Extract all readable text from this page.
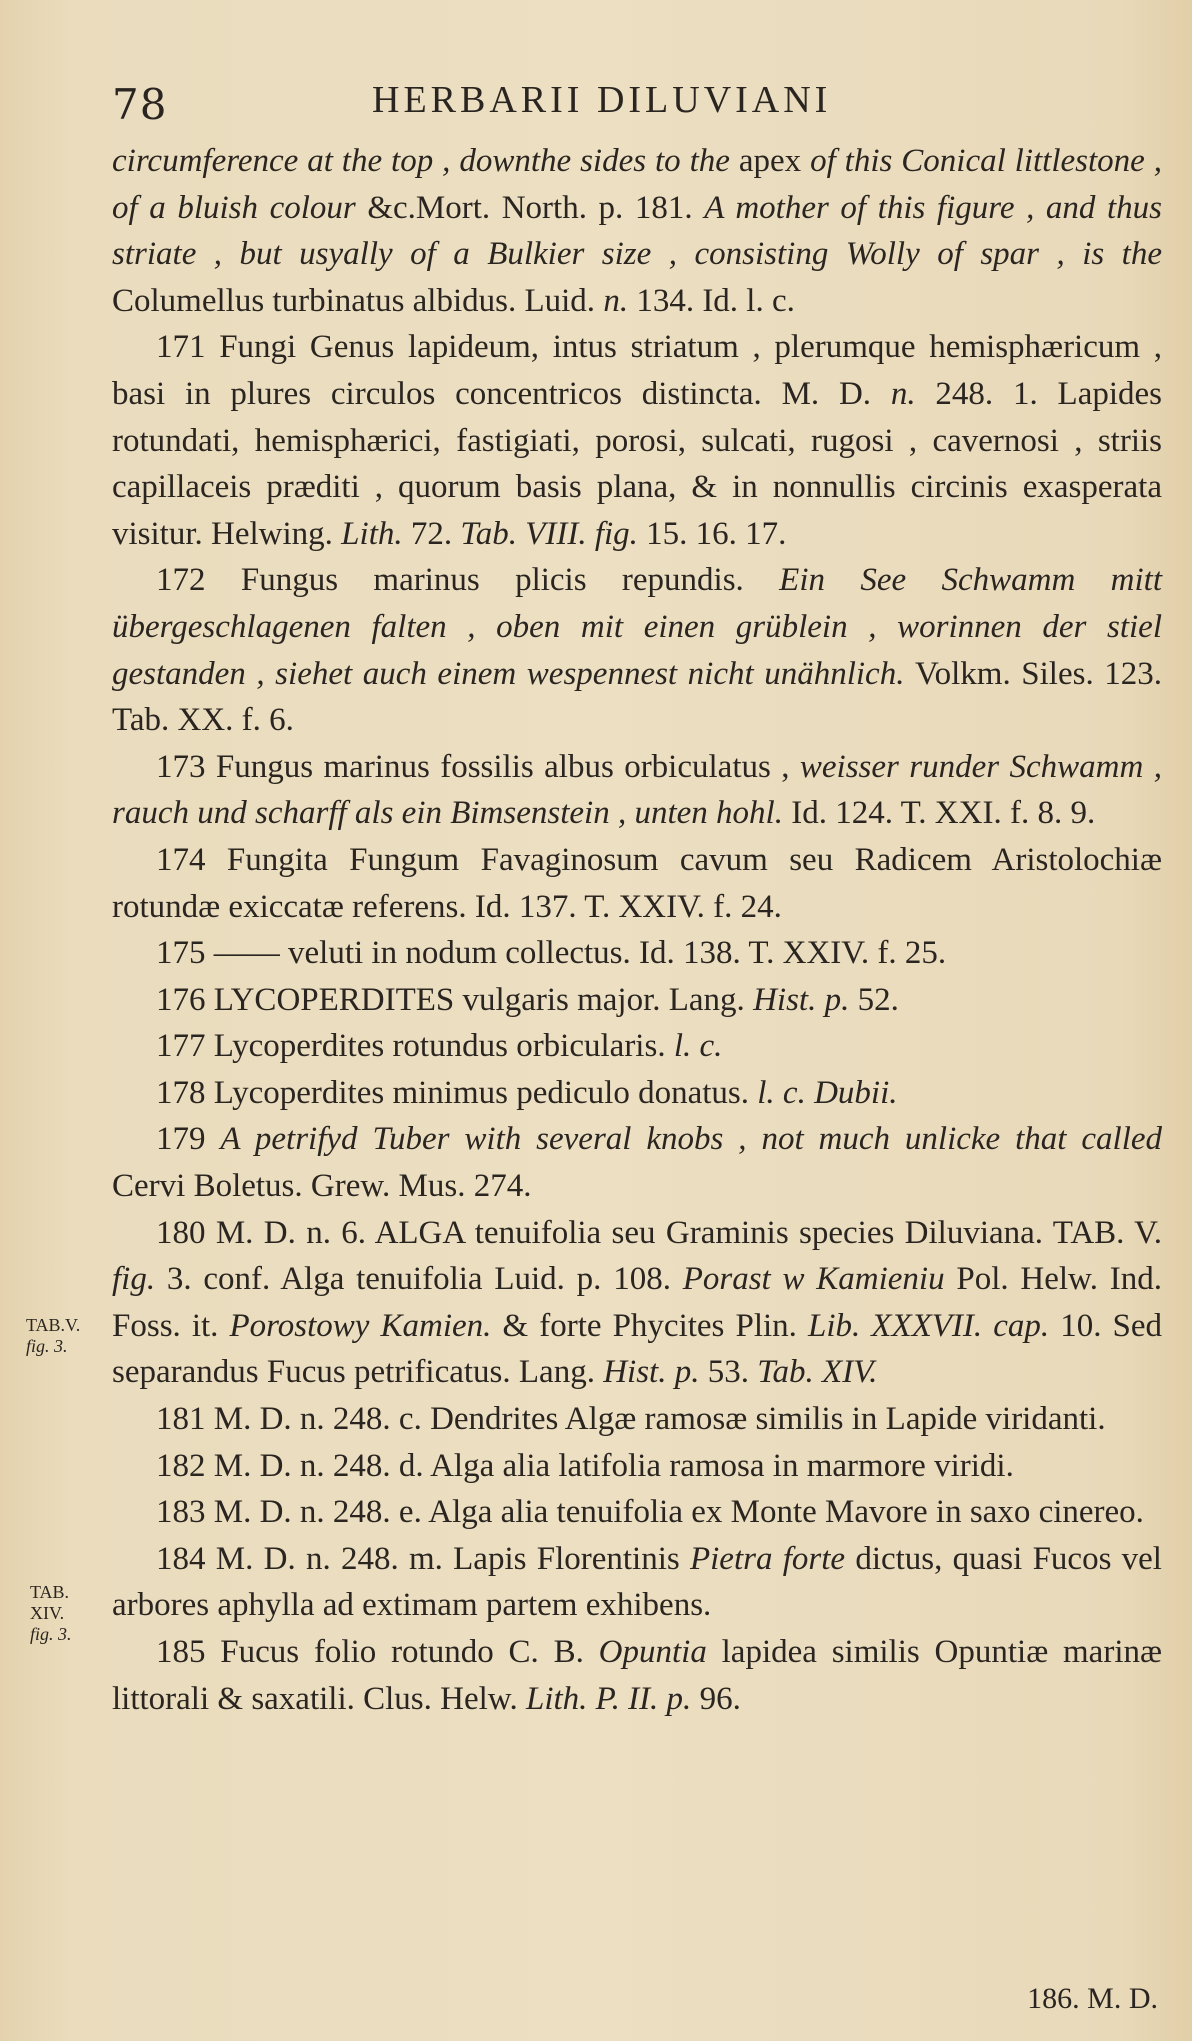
78	HERBARII DILUVIANI

circumference at the top , downthe sides to the apex of this Conical littlestone , of a bluish colour &c.Mort. North. p. 181. A mother of this figure , and thus striate , but usyally of a Bulkier size , consisting Wolly of spar , is the Columellus turbinatus albidus. Luid. n. 134. Id. l. c.

171 Fungi Genus lapideum, intus striatum , plerumque hemisphæricum , basi in plures circulos concentricos distincta. M. D. n. 248. 1. Lapides rotundati, hemisphærici, fastigiati, porosi, sulcati, rugosi , cavernosi , striis capillaceis præditi , quorum basis plana, & in nonnullis circinis exasperata visitur. Helwing. Lith. 72. Tab. VIII. fig. 15. 16. 17.

172 Fungus marinus plicis repundis. Ein See Schwamm mitt übergeschlagenen falten , oben mit einen grüblein , worinnen der stiel gestanden , siehet auch einem wespennest nicht unähnlich. Volkm. Siles. 123. Tab. XX. f. 6.

173 Fungus marinus fossilis albus orbiculatus , weisser runder Schwamm , rauch und scharff als ein Bimsenstein , unten hohl. Id. 124. T. XXI. f. 8. 9.

174 Fungita Fungum Favaginosum cavum seu Radicem Aristolochiæ rotundæ exiccatæ referens. Id. 137. T. XXIV. f. 24.

175 —— veluti in nodum collectus. Id. 138. T. XXIV. f. 25.

176 LYCOPERDITES vulgaris major. Lang. Hist. p. 52.

177 Lycoperdites rotundus orbicularis. l. c.

178 Lycoperdites minimus pediculo donatus. l. c. Dubii.

179 A petrifyd Tuber with several knobs , not much unlicke that called Cervi Boletus. Grew. Mus. 274.

180 M. D. n. 6. ALGA tenuifolia seu Graminis species Diluviana. TAB. V. fig. 3. conf. Alga tenuifolia Luid. p. 108. Porast w Kamieniu Pol. Helw. Ind. Foss. it. Porostowy Kamien. & forte Phycites Plin. Lib. XXXVII. cap. 10. Sed separandus Fucus petrificatus. Lang. Hist. p. 53. Tab. XIV.

181 M. D. n. 248. c. Dendrites Algæ ramosæ similis in Lapide viridanti.

182 M. D. n. 248. d. Alga alia latifolia ramosa in marmore viridi.

183 M. D. n. 248. e. Alga alia tenuifolia ex Monte Mavore in saxo cinereo.

184 M. D. n. 248. m. Lapis Florentinis Pietra forte dictus, quasi Fucos vel arbores aphylla ad extimam partem exhibens.

185 Fucus folio rotundo C. B. Opuntia lapidea similis Opuntiæ marinæ littorali & saxatili. Clus. Helw. Lith. P. II. p. 96.

TAB.V.
fig. 3.
TAB.
XIV.
fig. 3.
186. M. D.
